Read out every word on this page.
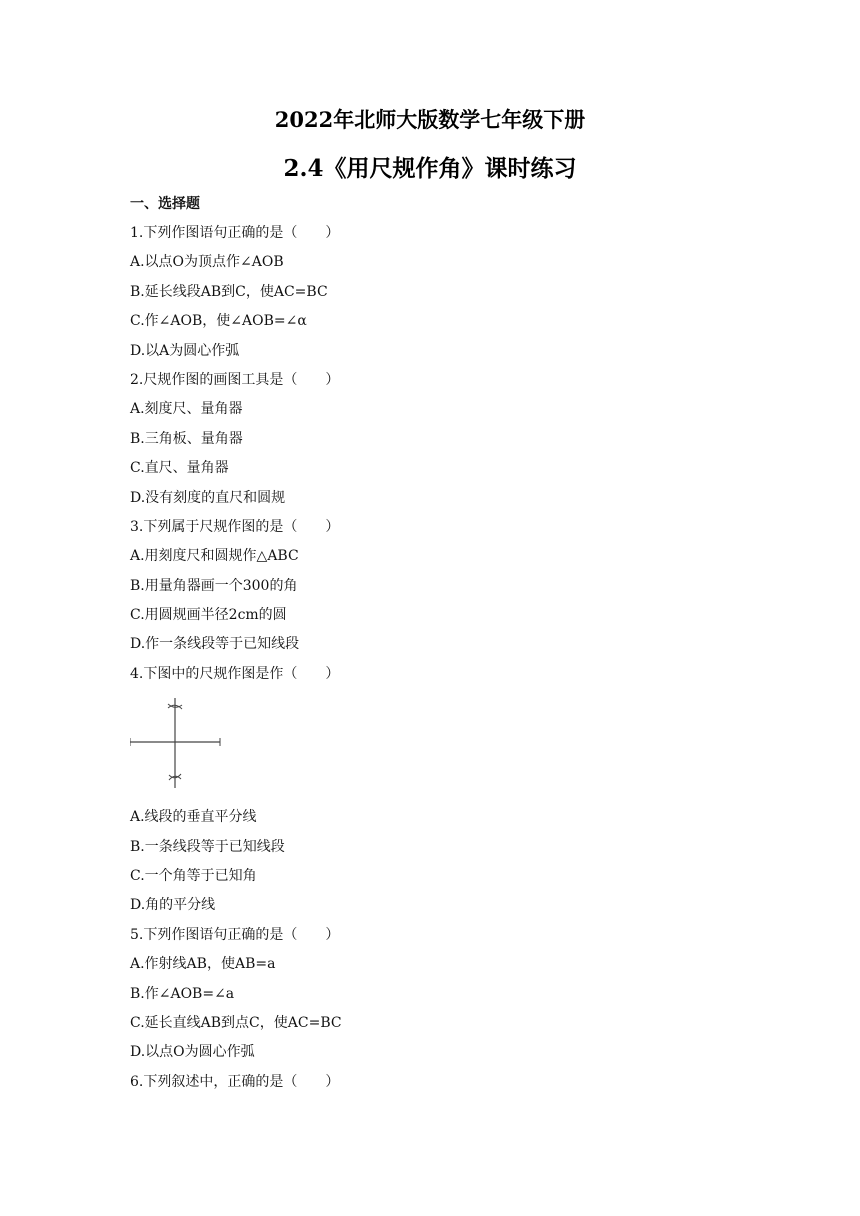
2022年北师大版数学七年级下册
2.4《用尺规作角》课时练习
一、选择题
1.下列作图语句正确的是（　　）
A.以点O为顶点作∠AOB
B.延长线段AB到C，使AC=BC
C.作∠AOB，使∠AOB=∠α
D.以A为圆心作弧
2.尺规作图的画图工具是（　　）
A.刻度尺、量角器
B.三角板、量角器
C.直尺、量角器
D.没有刻度的直尺和圆规
3.下列属于尺规作图的是（　　）
A.用刻度尺和圆规作△ABC
B.用量角器画一个300的角
C.用圆规画半径2cm的圆
D.作一条线段等于已知线段
4.下图中的尺规作图是作（　　）
A.线段的垂直平分线
B.一条线段等于已知线段
C.一个角等于已知角
D.角的平分线
5.下列作图语句正确的是（　　）
A.作射线AB，使AB=a
B.作∠AOB=∠a
C.延长直线AB到点C，使AC=BC
D.以点O为圆心作弧
6.下列叙述中，正确的是（　　）
